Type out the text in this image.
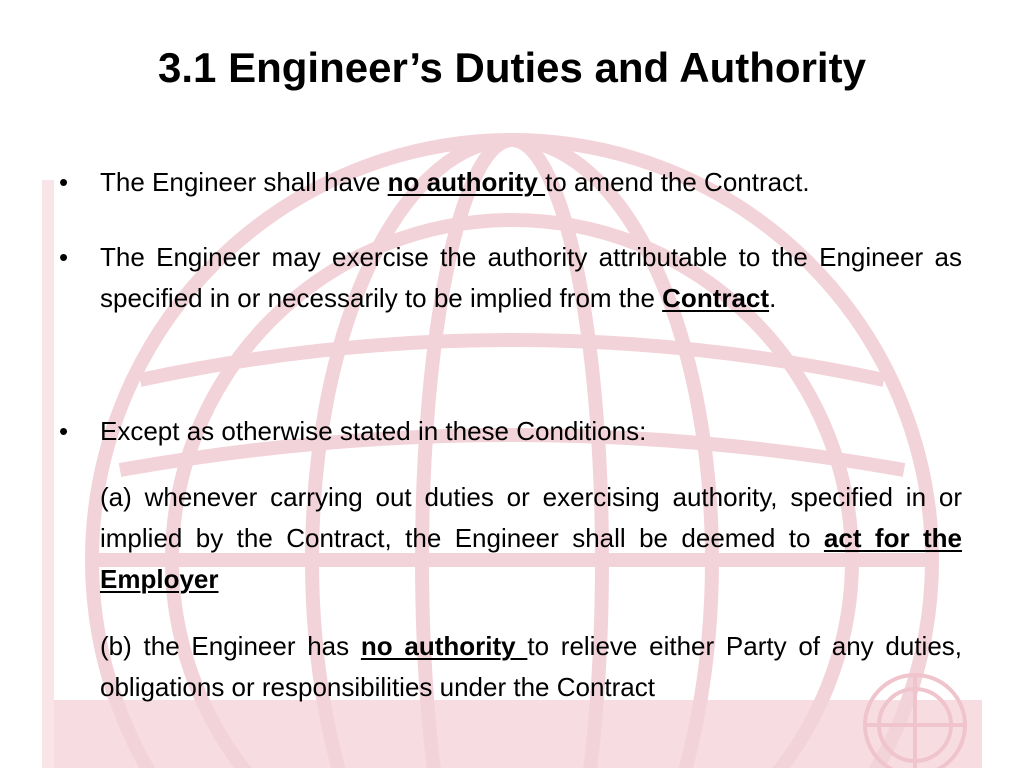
3.1 Engineer’s Duties and Authority
• The Engineer shall have no authority to amend the Contract.
• The Engineer may exercise the authority attributable to the Engineer as specified in or necessarily to be implied from the Contract.
• Except as otherwise stated in these Conditions:
(a) whenever carrying out duties or exercising authority, specified in or implied by the Contract, the Engineer shall be deemed to act for the Employer
(b) the Engineer has no authority to relieve either Party of any duties, obligations or responsibilities under the Contract
